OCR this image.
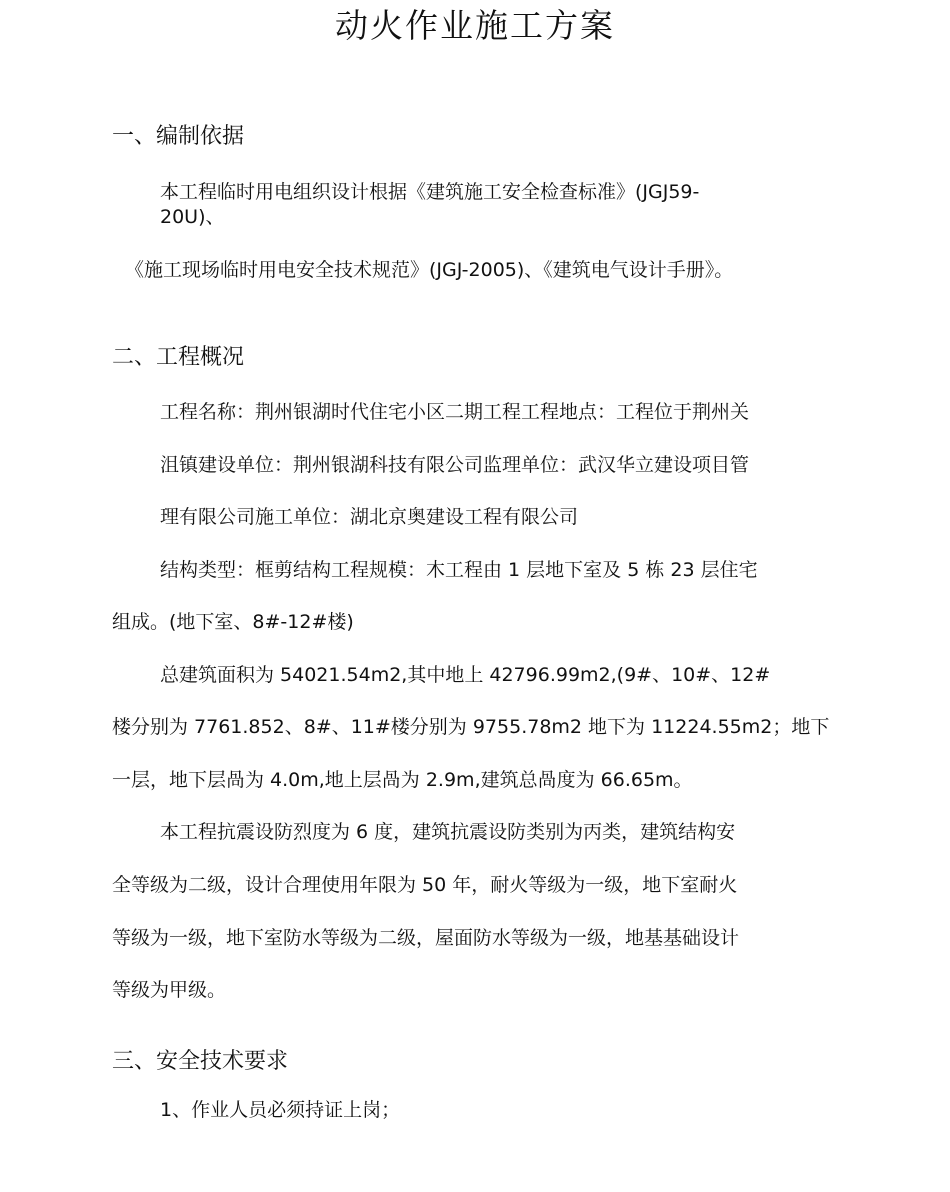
动火作业施工方案
一、编制依据
本工程临时用电组织设计根据《建筑施工安全检查标准》(JGJ59-
20U)、
《施工现场临时用电安全技术规范》(JGJ-2005)、《建筑电气设计手册》。
二、工程概况
工程名称：荆州银湖时代住宅小区二期工程工程地点：工程位于荆州关
沮镇建设单位：荆州银湖科技有限公司监理单位：武汉华立建设项目管
理有限公司施工单位：湖北京奥建设工程有限公司
结构类型：框剪结构工程规模：木工程由 1 层地下室及 5 栋 23 层住宅
组成。(地下室、8#-12#楼)
总建筑面积为 54021.54m2,其中地上 42796.99m2,(9#、10#、12#
楼分别为 7761.852、8#、11#楼分别为 9755.78m2 地下为 11224.55m2；地下
一层，地下层咼为 4.0m,地上层咼为 2.9m,建筑总咼度为 66.65m。
本工程抗震设防烈度为 6 度，建筑抗震设防类别为丙类，建筑结构安
全等级为二级，设计合理使用年限为 50 年，耐火等级为一级，地下室耐火
等级为一级，地下室防水等级为二级，屋面防水等级为一级，地基基础设计
等级为甲级。
三、安全技术要求
1、作业人员必须持证上岗；
